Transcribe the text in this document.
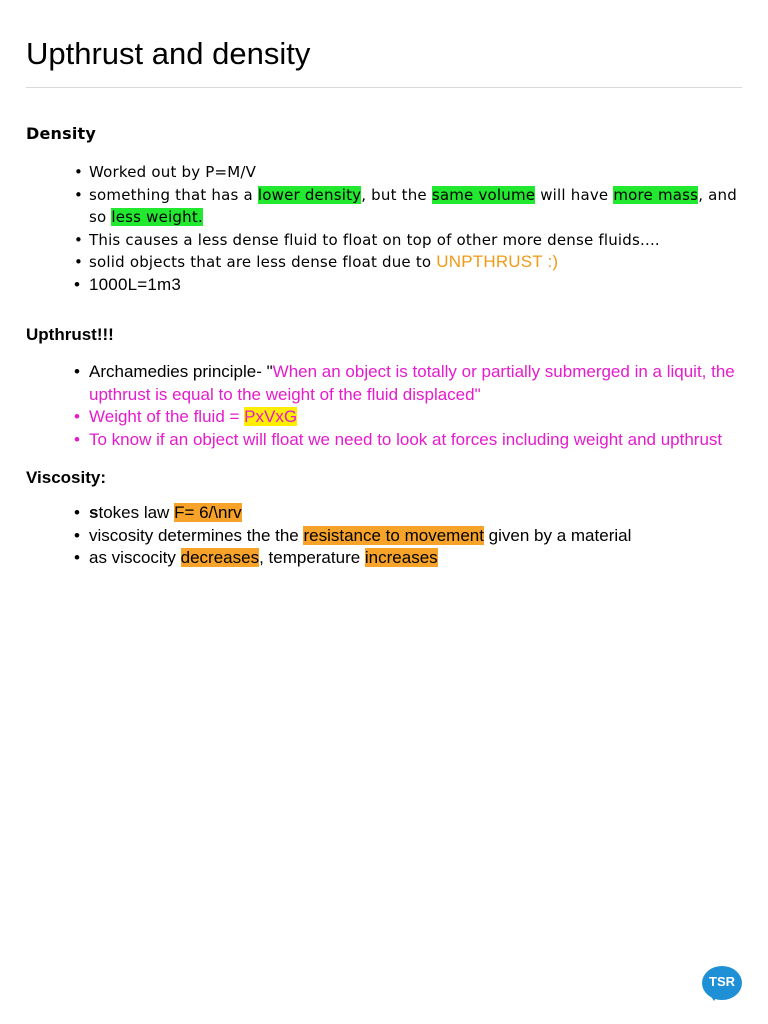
Upthrust and density
Density
• Worked out by P=M/V
• something that has a lower density, but the same volume will have more mass, and so less weight.
• This causes a less dense fluid to float on top of other more dense fluids....
• solid objects that are less dense float due to UNPTHRUST :)
• 1000L=1m3
Upthrust!!!
• Archamedies principle- "When an object is totally or partially submerged in a liquit, the upthrust is equal to the weight of the fluid displaced"
• Weight of the fluid = PxVxG
• To know if an object will float we need to look at forces including weight and upthrust
Viscosity:
• stokes law F= 6/\nrv
• viscosity determines the the resistance to movement given by a material
• as viscocity decreases, temperature increases
TSR
